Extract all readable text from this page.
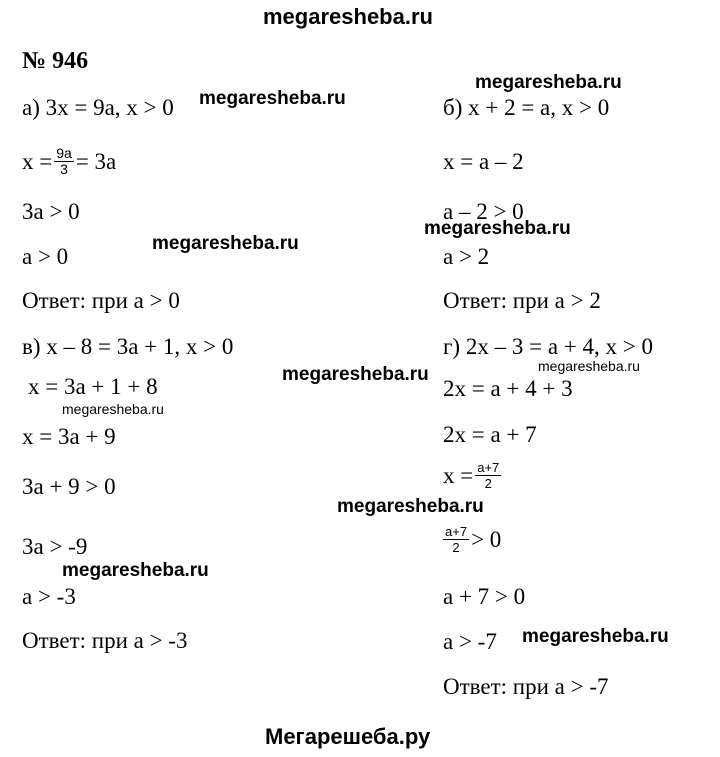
megaresheba.ru
№ 946
megaresheba.ru
megaresheba.ru
megaresheba.ru
megaresheba.ru
megaresheba.ru
megaresheba.ru
megaresheba.ru
megaresheba.ru
megaresheba.ru
megaresheba.ru
а) 3x = 9a, x > 0
$x = \frac{9a}{3} = 3a$
3a > 0
a > 0
Ответ: при a > 0
б) x + 2 = a, x > 0
x = a – 2
a – 2 > 0
a > 2
Ответ: при a > 2
в) x – 8 = 3a + 1, x > 0
x = 3a + 1 + 8
x = 3a + 9
3a + 9 > 0
3a > -9
a > -3
Ответ: при a > -3
г) 2x – 3 = a + 4, x > 0
2x = a + 4 + 3
2x = a + 7
$x = \frac{a+7}{2}$
$\frac{a+7}{2} > 0$
a + 7 > 0
a > -7
Ответ: при a > -7
Мегарешеба.ру
